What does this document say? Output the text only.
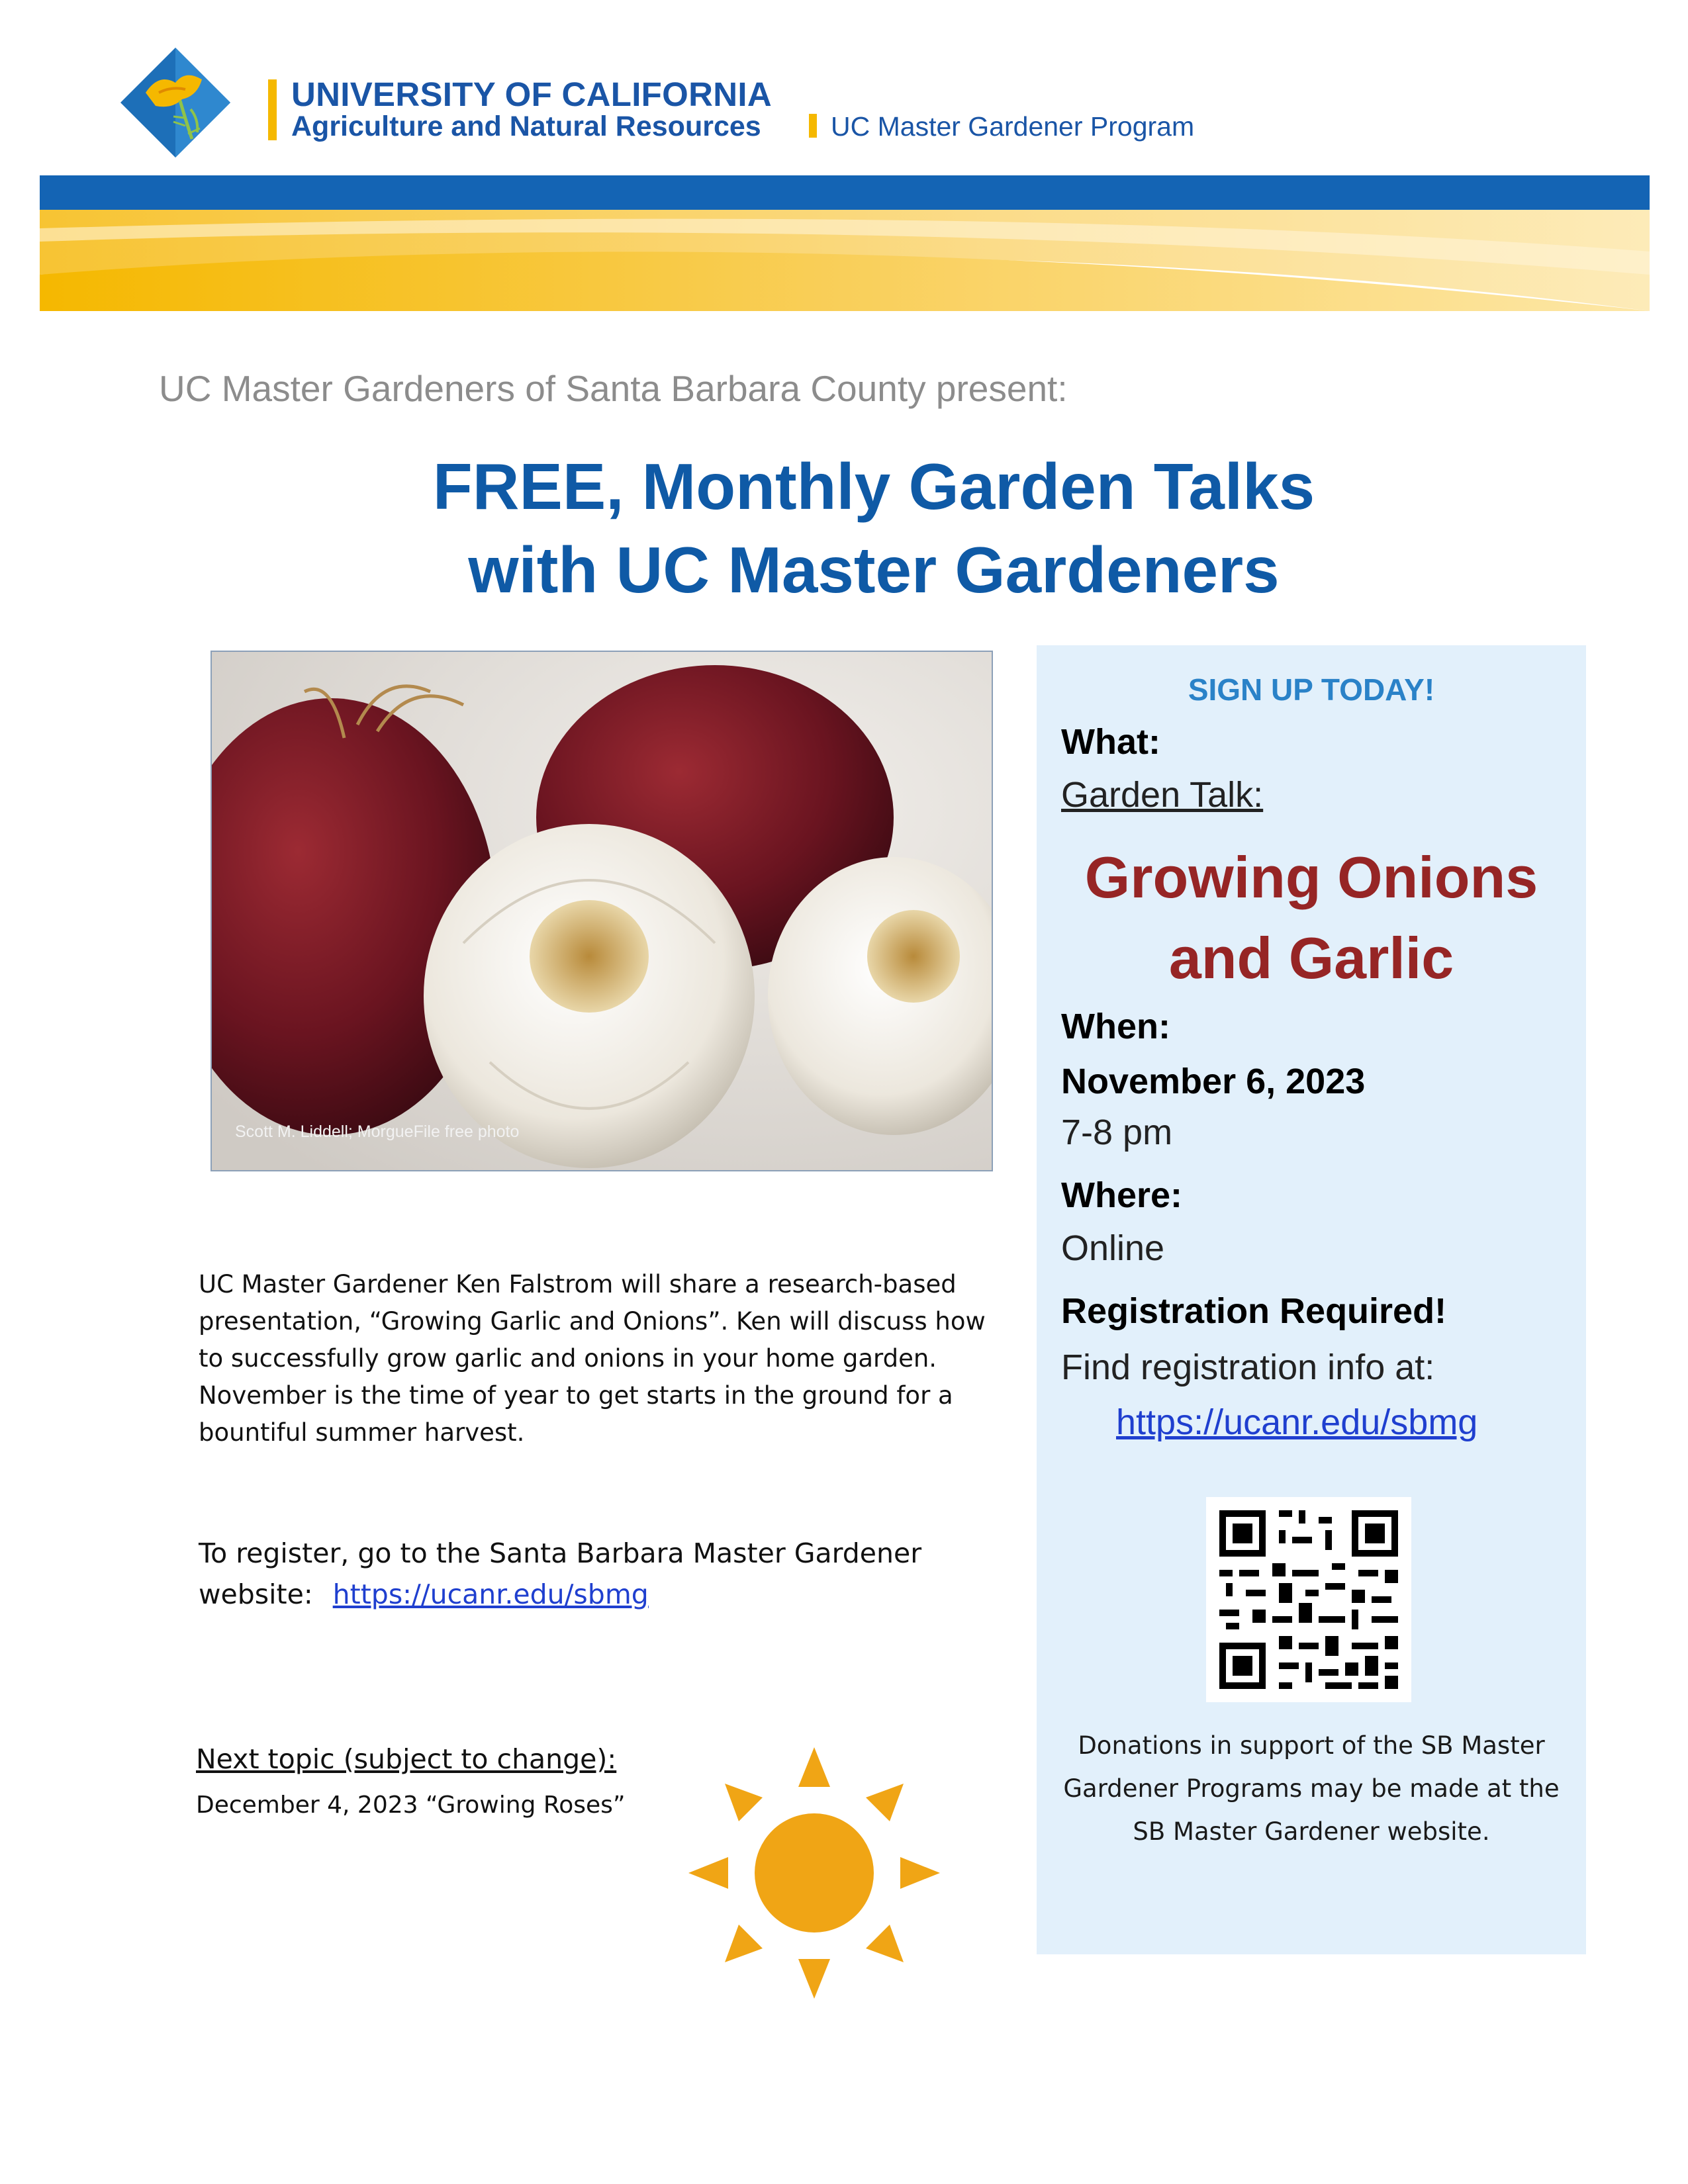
UNIVERSITY OF CALIFORNIA
Agriculture and Natural Resources	UC Master Gardener Program
UC Master Gardeners of Santa Barbara County present:
FREE, Monthly Garden Talks
with UC Master Gardeners
Scott M. Liddell; MorgueFile free photo
UC Master Gardener Ken Falstrom will share a research-based
presentation, “Growing Garlic and Onions”. Ken will discuss how
to successfully grow garlic and onions in your home garden.
November is the time of year to get starts in the ground for a
bountiful summer harvest.
To register, go to the Santa Barbara Master Gardener
website: https://ucanr.edu/sbmg
Next topic (subject to change):
December 4, 2023 “Growing Roses”
SIGN UP TODAY!
What:
Garden Talk:
Growing Onions
and Garlic
When:
November 6, 2023
7-8 pm
Where:
Online
Registration Required!
Find registration info at:
https://ucanr.edu/sbmg
Donations in support of the SB Master
Gardener Programs may be made at the
SB Master Gardener website.
